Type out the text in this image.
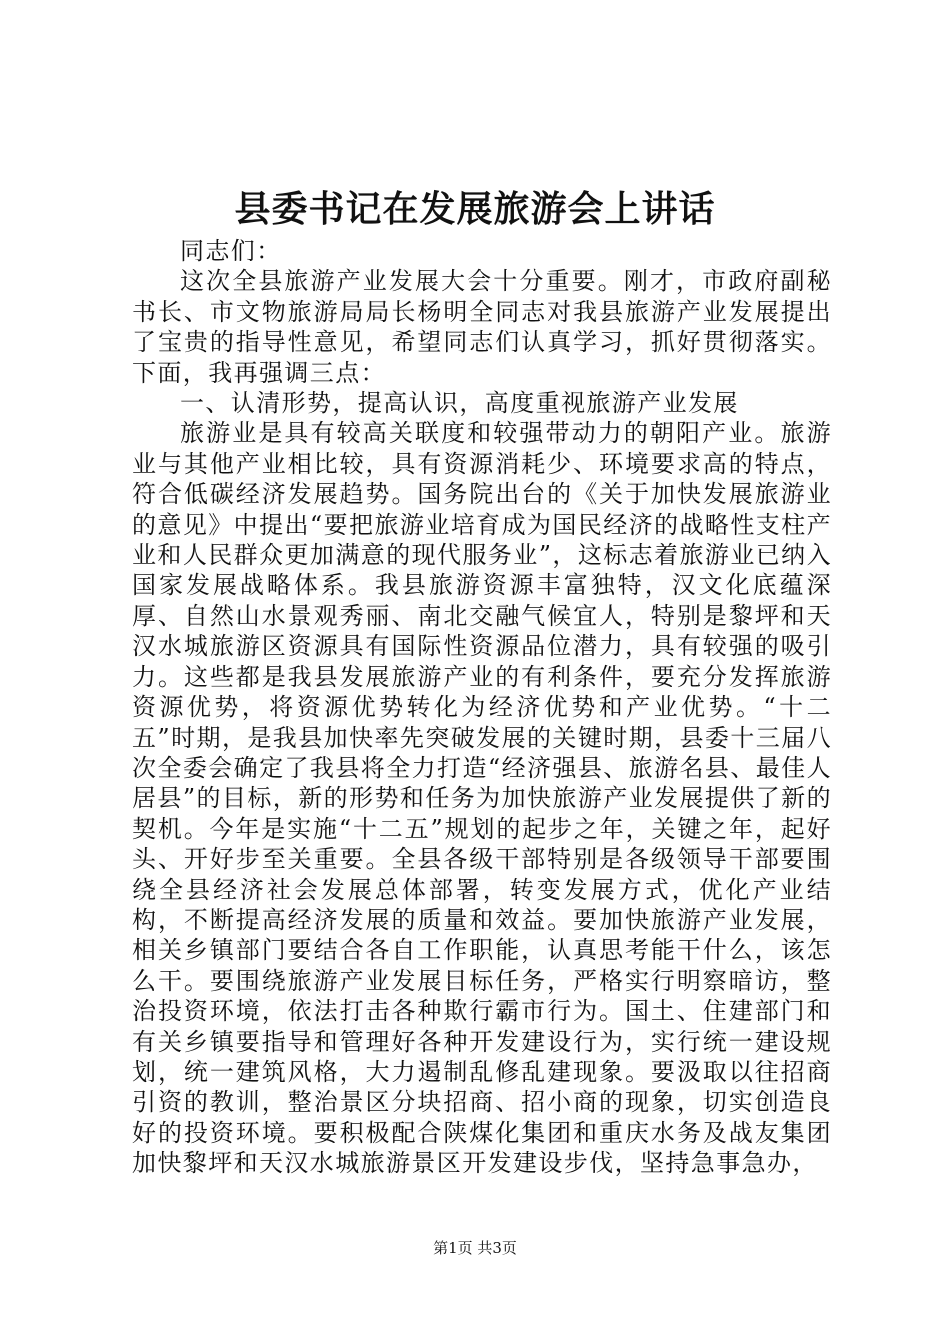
县委书记在发展旅游会上讲话

同志们：

这次全县旅游产业发展大会十分重要。刚才，市政府副秘书长、市文物旅游局局长杨明全同志对我县旅游产业发展提出了宝贵的指导性意见，希望同志们认真学习，抓好贯彻落实。下面，我再强调三点：

一、认清形势，提高认识，高度重视旅游产业发展

旅游业是具有较高关联度和较强带动力的朝阳产业。旅游业与其他产业相比较，具有资源消耗少、环境要求高的特点，符合低碳经济发展趋势。国务院出台的《关于加快发展旅游业的意见》中提出“要把旅游业培育成为国民经济的战略性支柱产业和人民群众更加满意的现代服务业”，这标志着旅游业已纳入国家发展战略体系。我县旅游资源丰富独特，汉文化底蕴深厚、自然山水景观秀丽、南北交融气候宜人，特别是黎坪和天汉水城旅游区资源具有国际性资源品位潜力，具有较强的吸引力。这些都是我县发展旅游产业的有利条件，要充分发挥旅游资源优势，将资源优势转化为经济优势和产业优势。“十二五”时期，是我县加快率先突破发展的关键时期，县委十三届八次全委会确定了我县将全力打造“经济强县、旅游名县、最佳人居县”的目标，新的形势和任务为加快旅游产业发展提供了新的契机。今年是实施“十二五”规划的起步之年，关键之年，起好头、开好步至关重要。全县各级干部特别是各级领导干部要围绕全县经济社会发展总体部署，转变发展方式，优化产业结构，不断提高经济发展的质量和效益。要加快旅游产业发展，相关乡镇部门要结合各自工作职能，认真思考能干什么，该怎么干。要围绕旅游产业发展目标任务，严格实行明察暗访，整治投资环境，依法打击各种欺行霸市行为。国土、住建部门和有关乡镇要指导和管理好各种开发建设行为，实行统一建设规划，统一建筑风格，大力遏制乱修乱建现象。要汲取以往招商引资的教训，整治景区分块招商、招小商的现象，切实创造良好的投资环境。要积极配合陕煤化集团和重庆水务及战友集团加快黎坪和天汉水城旅游景区开发建设步伐，坚持急事急办，

第1页 共3页
